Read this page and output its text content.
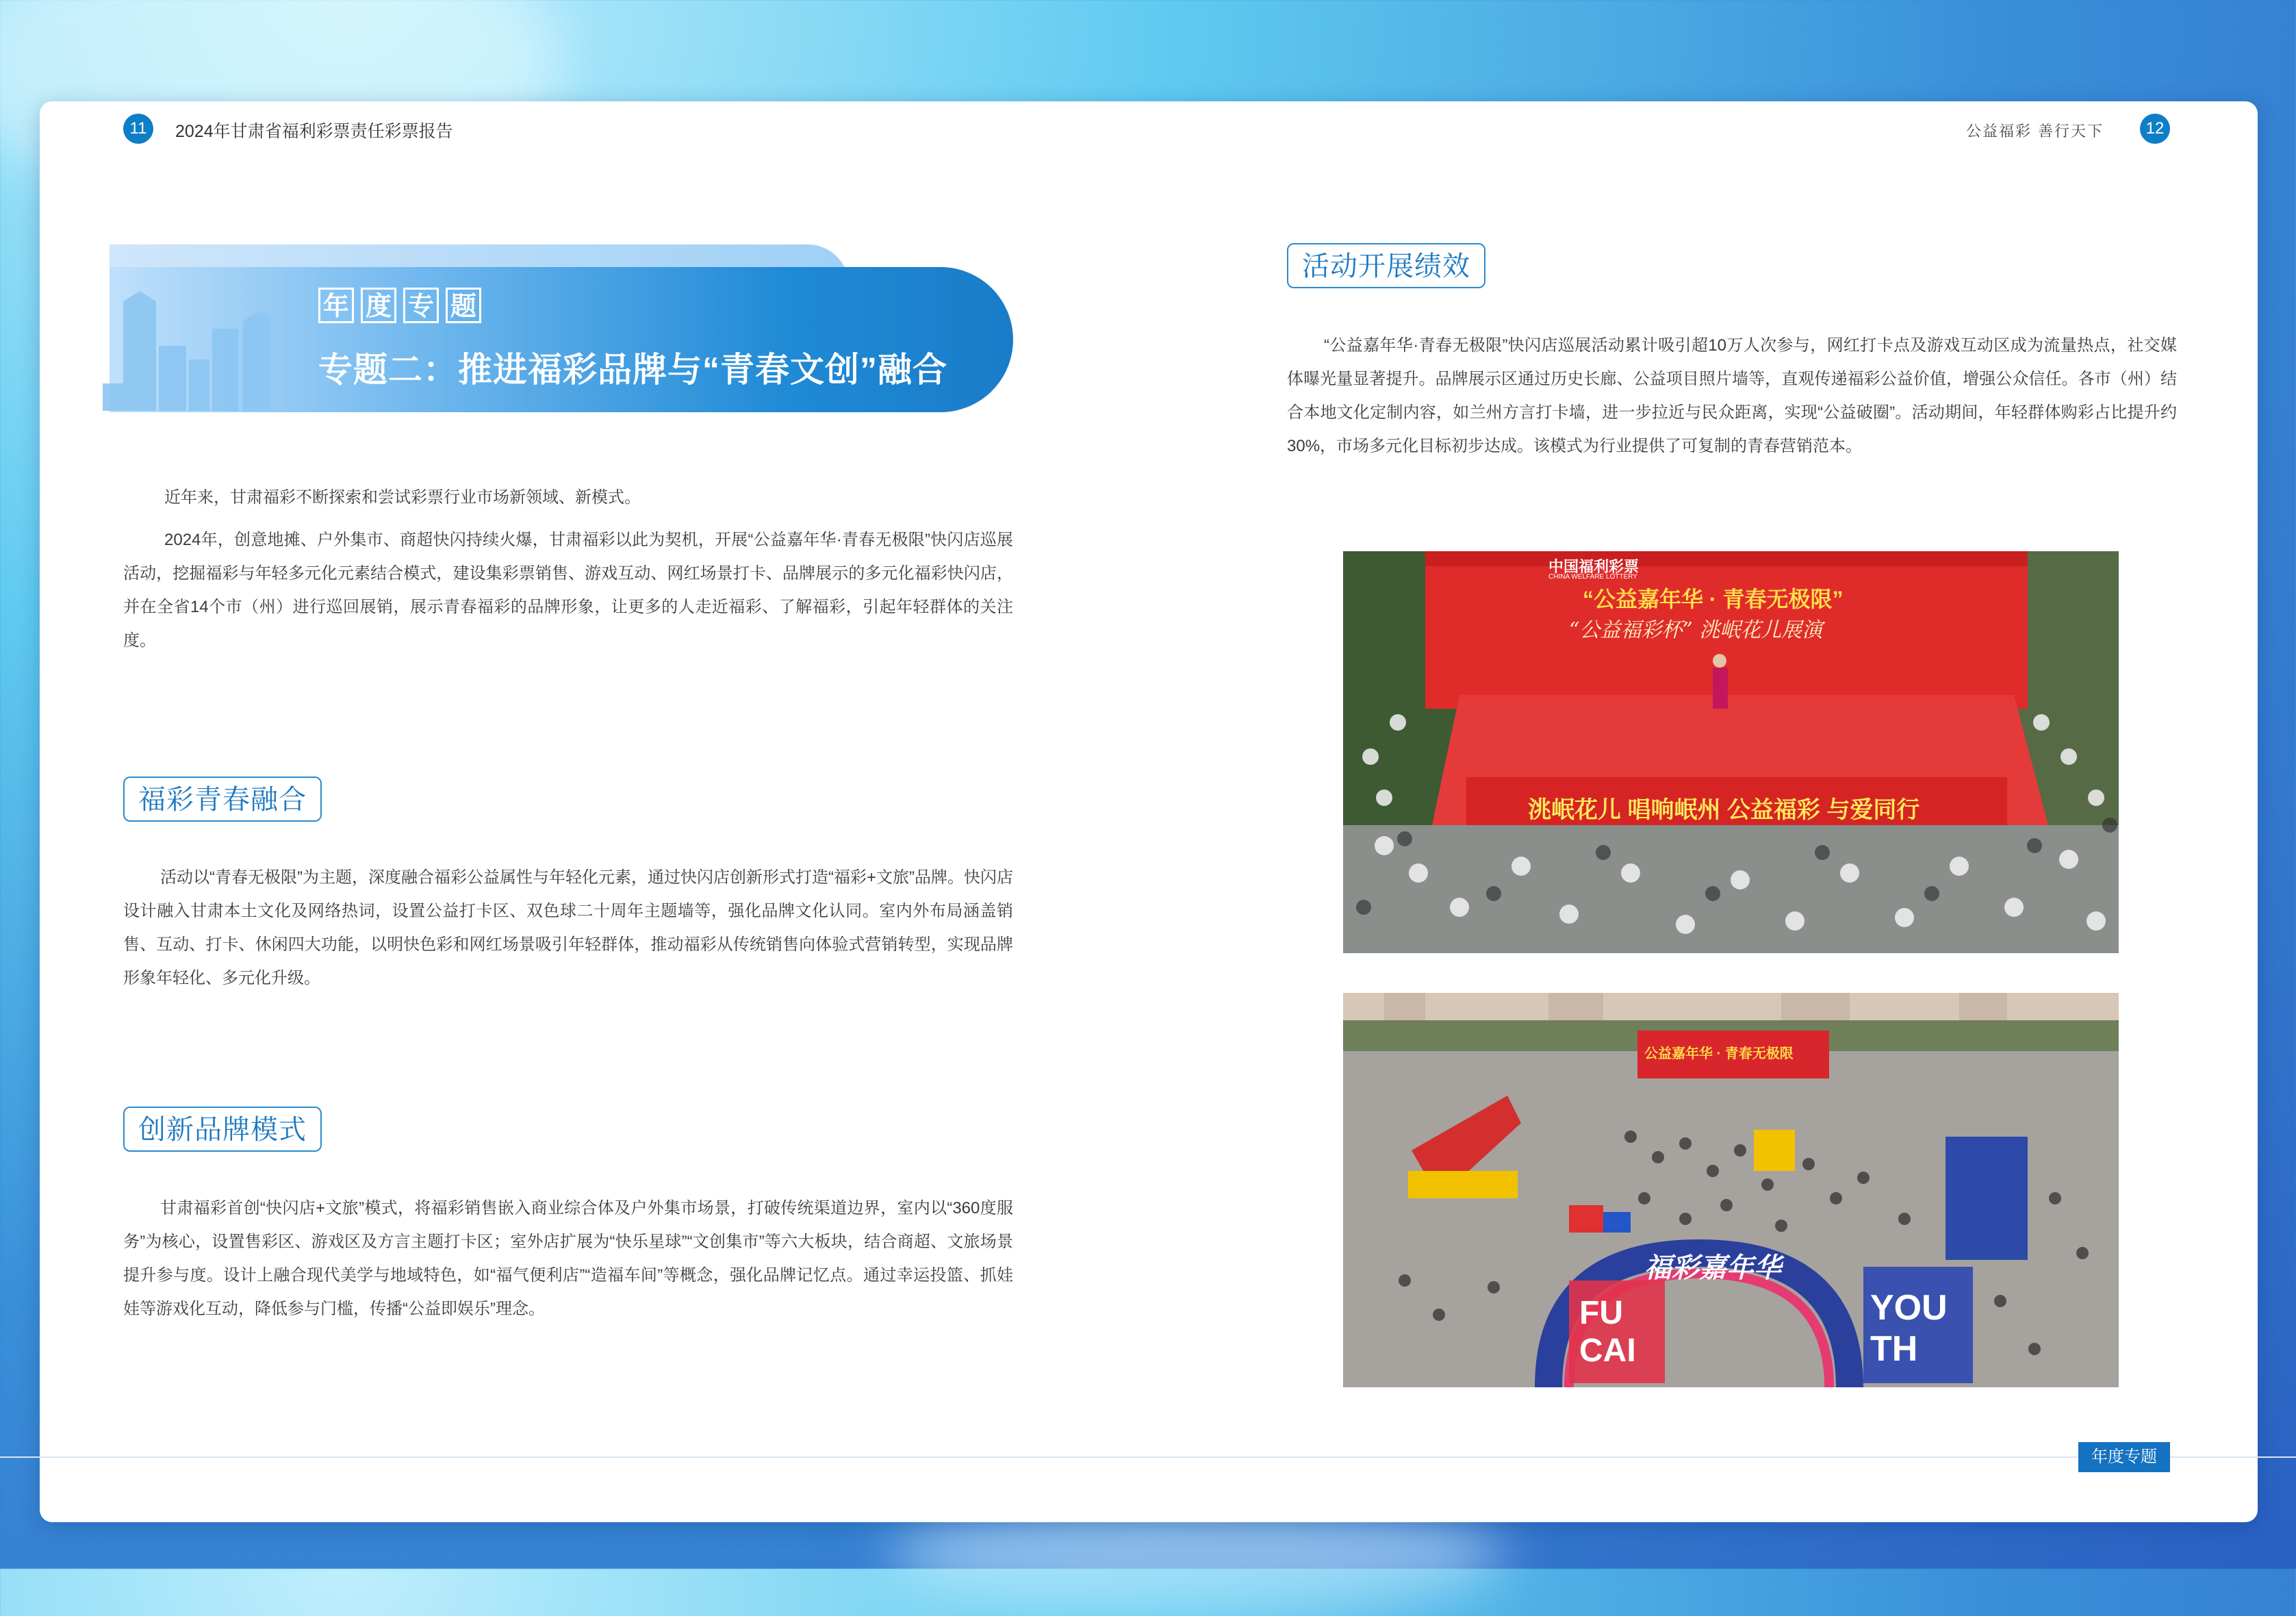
11	2024年甘肃省福利彩票责任彩票报告	公益福彩 善行天下	12
年 度 专 题
专题二：推进福彩品牌与“青春文创”融合

近年来，甘肃福彩不断探索和尝试彩票行业市场新领域、新模式。

2024年，创意地摊、户外集市、商超快闪持续火爆，甘肃福彩以此为契机，开展“公益嘉年华·青春无极限”快闪店巡展活动，挖掘福彩与年轻多元化元素结合模式，建设集彩票销售、游戏互动、网红场景打卡、品牌展示的多元化福彩快闪店，并在全省14个市（州）进行巡回展销，展示青春福彩的品牌形象，让更多的人走近福彩、了解福彩，引起年轻群体的关注度。

福彩青春融合

活动以“青春无极限”为主题，深度融合福彩公益属性与年轻化元素，通过快闪店创新形式打造“福彩+文旅”品牌。快闪店设计融入甘肃本土文化及网络热词，设置公益打卡区、双色球二十周年主题墙等，强化品牌文化认同。室内外布局涵盖销售、互动、打卡、休闲四大功能，以明快色彩和网红场景吸引年轻群体，推动福彩从传统销售向体验式营销转型，实现品牌形象年轻化、多元化升级。

创新品牌模式

甘肃福彩首创“快闪店+文旅”模式，将福彩销售嵌入商业综合体及户外集市场景，打破传统渠道边界，室内以“360度服务”为核心，设置售彩区、游戏区及方言主题打卡区；室外店扩展为“快乐星球”“文创集市”等六大板块，结合商超、文旅场景提升参与度。设计上融合现代美学与地域特色，如“福气便利店”“造福车间”等概念，强化品牌记忆点。通过幸运投篮、抓娃娃等游戏化互动，降低参与门槛，传播“公益即娱乐”理念。

活动开展绩效

“公益嘉年华·青春无极限”快闪店巡展活动累计吸引超10万人次参与，网红打卡点及游戏互动区成为流量热点，社交媒体曝光量显著提升。品牌展示区通过历史长廊、公益项目照片墙等，直观传递福彩公益价值，增强公众信任。各市（州）结合本地文化定制内容，如兰州方言打卡墙，进一步拉近与民众距离，实现“公益破圈”。活动期间，年轻群体购彩占比提升约30%，市场多元化目标初步达成。该模式为行业提供了可复制的青春营销范本。

中国福利彩票
CHINA WELFARE LOTTERY
“公益嘉年华 · 青春无极限”
“公益福彩杯” 洮岷花儿展演
洮岷花儿 唱响岷州 公益福彩 与爱同行
公益嘉年华 · 青春无极限
福彩嘉年华
FU CAI
YOUTH
年度专题
